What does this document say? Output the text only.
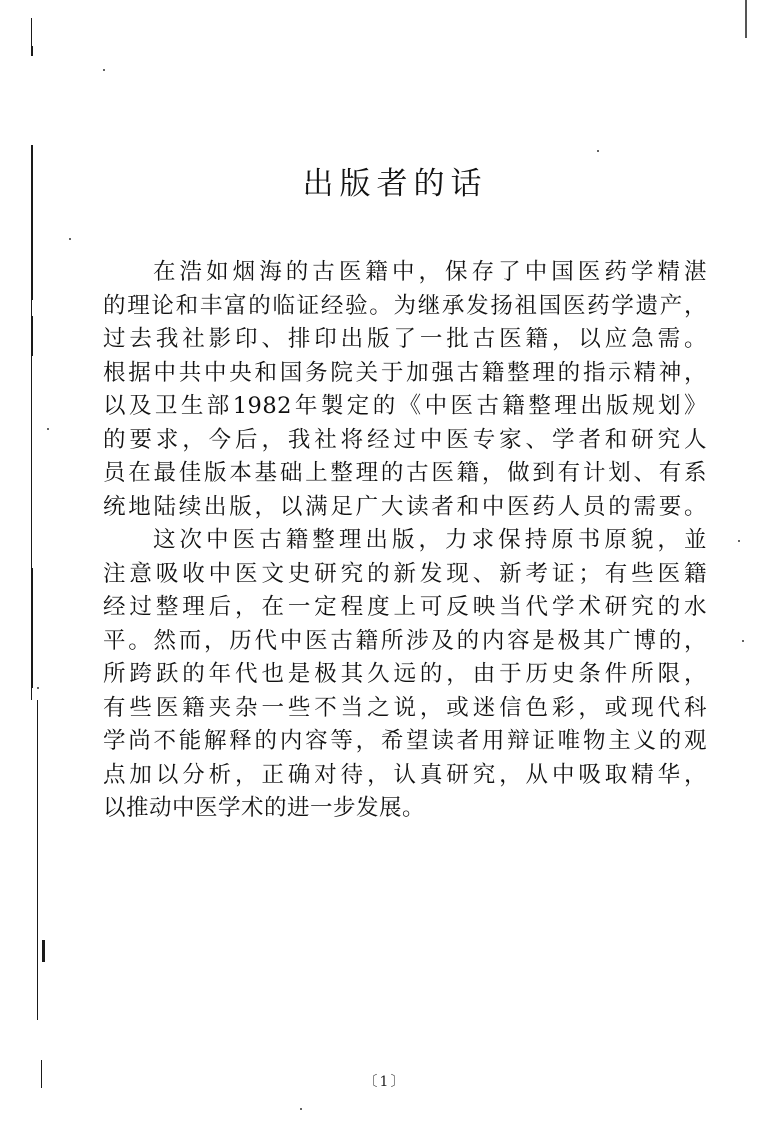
出版者的话
在浩如烟海的古医籍中，保存了中国医药学精湛
的理论和丰富的临证经验。为继承发扬祖国医药学遗产，
过去我社影印、排印出版了一批古医籍，以应急需。
根据中共中央和国务院关于加强古籍整理的指示精神，
以及卫生部1982年製定的《中医古籍整理出版规划》
的要求，今后，我社将经过中医专家、学者和研究人
员在最佳版本基础上整理的古医籍，做到有计划、有系
统地陆续出版，以满足广大读者和中医药人员的需要。
这次中医古籍整理出版，力求保持原书原貌，並
注意吸收中医文史研究的新发现、新考证；有些医籍
经过整理后，在一定程度上可反映当代学术研究的水
平。然而，历代中医古籍所涉及的内容是极其广博的，
所跨跃的年代也是极其久远的，由于历史条件所限，
有些医籍夹杂一些不当之说，或迷信色彩，或现代科
学尚不能解释的内容等，希望读者用辩证唯物主义的观
点加以分析，正确对待，认真研究，从中吸取精华，
以推动中医学术的进一步发展。
〔1〕
